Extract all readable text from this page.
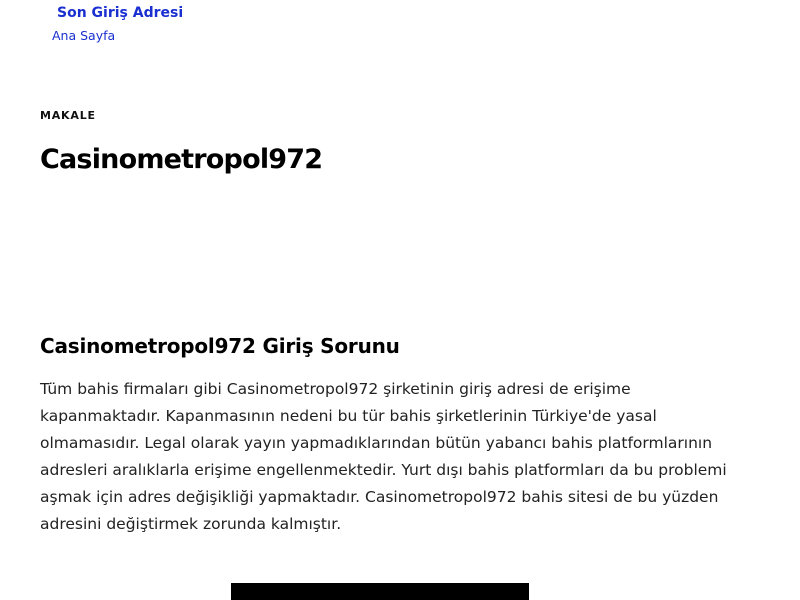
Son Giriş Adresi
Ana Sayfa
MAKALE
Casinometropol972
Casinometropol972 Giriş Sorunu

Tüm bahis firmaları gibi Casinometropol972 şirketinin giriş adresi de erişime kapanmaktadır. Kapanmasının nedeni bu tür bahis şirketlerinin Türkiye'de yasal olmamasıdır. Legal olarak yayın yapmadıklarından bütün yabancı bahis platformlarının adresleri aralıklarla erişime engellenmektedir. Yurt dışı bahis platformları da bu problemi aşmak için adres değişikliği yapmaktadır. Casinometropol972 bahis sitesi de bu yüzden adresini değiştirmek zorunda kalmıştır.
